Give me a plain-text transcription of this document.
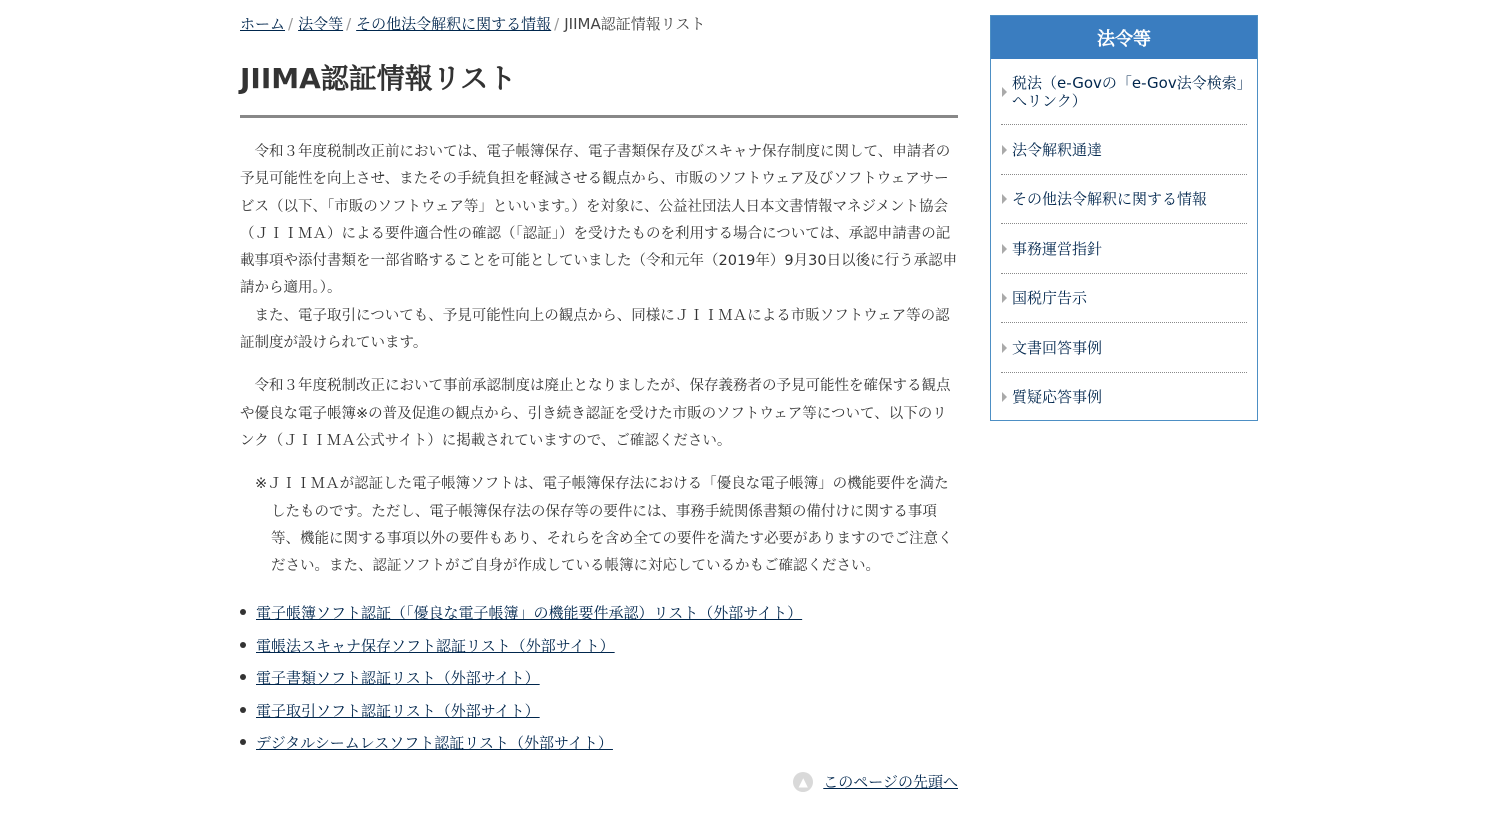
ホーム / 法令等 / その他法令解釈に関する情報 / JIIMA認証情報リスト
JIIMA認証情報リスト

令和３年度税制改正前においては、電子帳簿保存、電子書類保存及びスキャナ保存制度に関して、申請者の予見可能性を向上させ、またその手続負担を軽減させる観点から、市販のソフトウェア及びソフトウェアサービス（以下、「市販のソフトウェア等」といいます。）を対象に、公益社団法人日本文書情報マネジメント協会（ＪＩＩＭＡ）による要件適合性の確認（「認証」）を受けたものを利用する場合については、承認申請書の記載事項や添付書類を一部省略することを可能としていました（令和元年（2019年）9月30日以後に行う承認申請から適用。）。

また、電子取引についても、予見可能性向上の観点から、同様にＪＩＩＭＡによる市販ソフトウェア等の認証制度が設けられています。

令和３年度税制改正において事前承認制度は廃止となりましたが、保存義務者の予見可能性を確保する観点や優良な電子帳簿※の普及促進の観点から、引き続き認証を受けた市販のソフトウェア等について、以下のリンク（ＪＩＩＭＡ公式サイト）に掲載されていますので、ご確認ください。

※ＪＩＩＭＡが認証した電子帳簿ソフトは、電子帳簿保存法における「優良な電子帳簿」の機能要件を満たしたものです。ただし、電子帳簿保存法の保存等の要件には、事務手続関係書類の備付けに関する事項等、機能に関する事項以外の要件もあり、それらを含め全ての要件を満たす必要がありますのでご注意ください。また、認証ソフトがご自身が作成している帳簿に対応しているかもご確認ください。

電子帳簿ソフト認証（「優良な電子帳簿」の機能要件承認）リスト（外部サイト）
電帳法スキャナ保存ソフト認証リスト（外部サイト）
電子書類ソフト認証リスト（外部サイト）
電子取引ソフト認証リスト（外部サイト）
デジタルシームレスソフト認証リスト（外部サイト）
▲	このページの先頭へ
法令等
税法（e-Govの「e-Gov法令検索」へリンク）
法令解釈通達
その他法令解釈に関する情報
事務運営指針
国税庁告示
文書回答事例
質疑応答事例
